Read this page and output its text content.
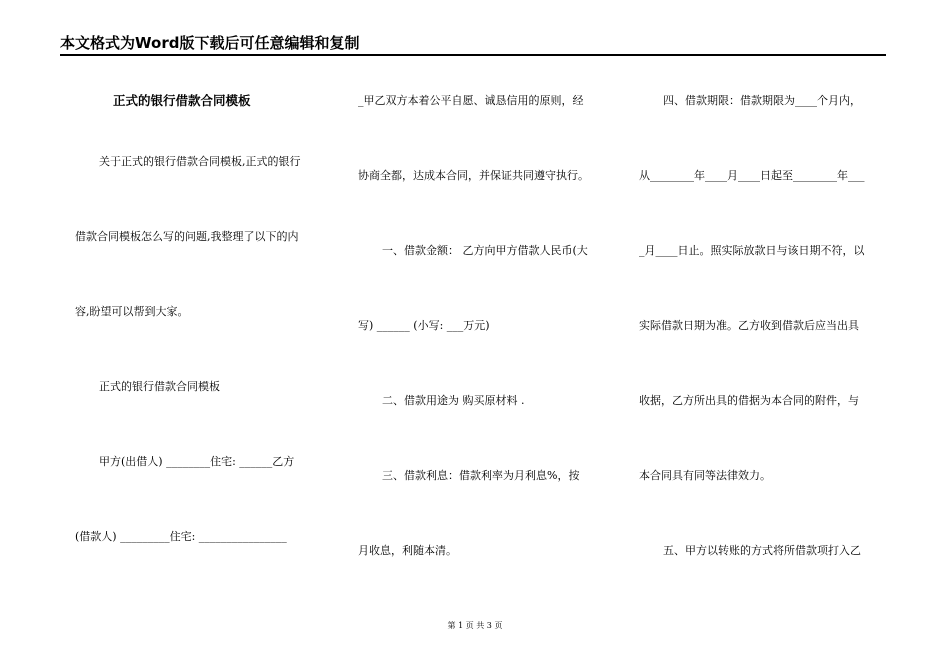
本文格式为Word版下载后可任意编辑和复制
正式的银行借款合同模板
关于正式的银行借款合同模板,正式的银行
借款合同模板怎么写的问题,我整理了以下的内
容,盼望可以帮到大家。
正式的银行借款合同模板
甲方(出借人) ________住宅: ______乙方
(借款人) _________住宅: ________________
_甲乙双方本着公平自愿、诚恳信用的原则，经
协商全都，达成本合同，并保证共同遵守执行。
一、借款金额： 乙方向甲方借款人民币(大
写) ______ (小写: ___万元)
二、借款用途为 购买原材料 .
三、借款利息：借款利率为月利息%，按
月收息，利随本清。
四、借款期限：借款期限为____个月内，
从________年____月____日起至________年___
_月____日止。照实际放款日与该日期不符，以
实际借款日期为准。乙方收到借款后应当出具
收据，乙方所出具的借据为本合同的附件，与
本合同具有同等法律效力。
五、甲方以转账的方式将所借款项打入乙
第 1 页 共 3 页
